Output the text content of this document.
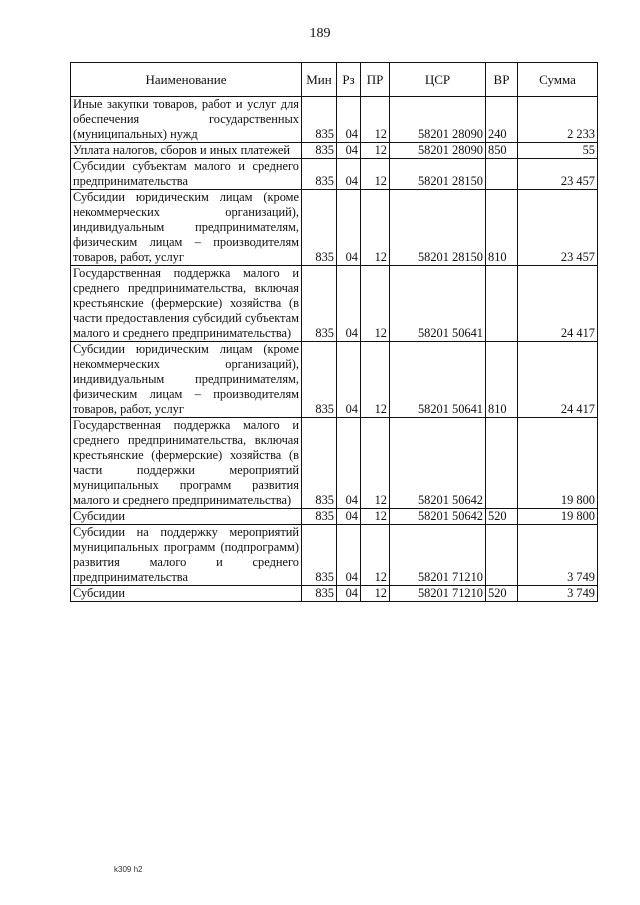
189
Наименование	Мин	Рз	ПР	ЦСР	ВР	Сумма
Иные закупки товаров, работ и услуг для обеспечения государственных (муниципальных) нужд	835	04	12	58201 28090	240	2 233
Уплата налогов, сборов и иных платежей	835	04	12	58201 28090	850	55
Субсидии субъектам малого и среднего предпринимательства	835	04	12	58201 28150		23 457
Субсидии юридическим лицам (кроме некоммерческих организаций), индивидуальным предпринимателям, физическим лицам – производителям товаров, работ, услуг	835	04	12	58201 28150	810	23 457
Государственная поддержка малого и среднего предпринимательства, включая крестьянские (фермерские) хозяйства (в части предоставления субсидий субъектам малого и среднего предпринимательства)	835	04	12	58201 50641		24 417
Субсидии юридическим лицам (кроме некоммерческих организаций), индивидуальным предпринимателям, физическим лицам – производителям товаров, работ, услуг	835	04	12	58201 50641	810	24 417
Государственная поддержка малого и среднего предпринимательства, включая крестьянские (фермерские) хозяйства (в части поддержки мероприятий муниципальных программ развития малого и среднего предпринимательства)	835	04	12	58201 50642		19 800
Субсидии	835	04	12	58201 50642	520	19 800
Субсидии на поддержку мероприятий муниципальных программ (подпрограмм) развития малого и среднего предпринимательства	835	04	12	58201 71210		3 749
Субсидии	835	04	12	58201 71210	520	3 749
k309 h2
